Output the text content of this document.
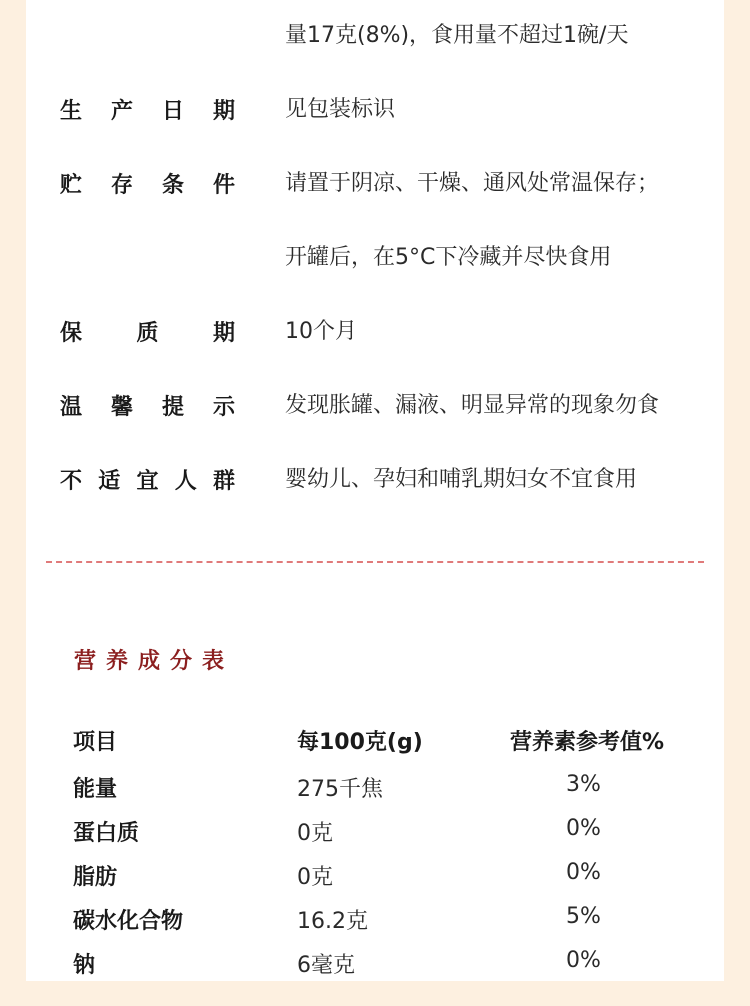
量17克(8%)，食用量不超过1碗/天
生 产 日 期 见包装标识
贮 存 条 件 请置于阴凉、干燥、通风处常温保存；
开罐后，在5°C下冷藏并尽快食用
保 质 期 10个月
温 馨 提 示 发现胀罐、漏液、明显异常的现象勿食
不 适 宜 人 群 婴幼儿、孕妇和哺乳期妇女不宜食用
营养成分表
项目	每100克(g)	营养素参考值%
能量	275千焦	3%
蛋白质	0克	0%
脂肪	0克	0%
碳水化合物	16.2克	5%
钠	6毫克	0%
